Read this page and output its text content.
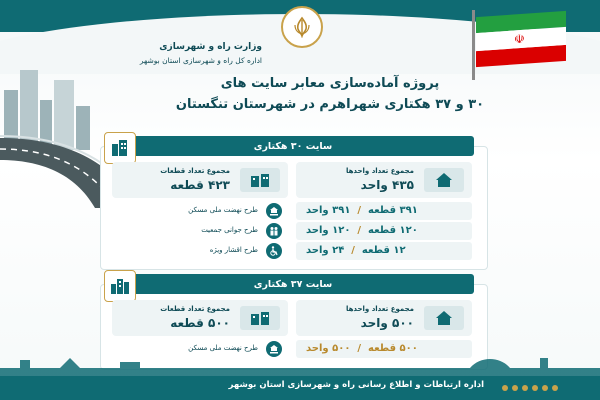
☫
وزارت راه و شهرسازی
اداره کل راه و شهرسازی استان بوشهر
پروژه آماده‌سازی معابر سایت های
۳۰ و ۳۷ هکتاری شهراهرم در شهرستان تنگستان
سایت ۳۰ هکتاری
مجموع تعداد واحدها
۴۳۵ واحد
مجموع تعداد قطعات
۴۲۳ قطعه
۳۹۱ قطعه  /  ۳۹۱ واحد
طرح نهضت ملی مسکن
۱۲۰ قطعه  /  ۱۲۰ واحد
طرح جوانی جمعیت
۱۲ قطعه  /  ۲۴ واحد
طرح اقشار ویژه
سایت ۳۷ هکتاری
مجموع تعداد واحدها
۵۰۰ واحد
مجموع تعداد قطعات
۵۰۰ قطعه
۵۰۰ قطعه  /  ۵۰۰ واحد
طرح نهضت ملی مسکن
اداره ارتباطات و اطلاع رسانی راه و شهرسازی استان بوشهر
